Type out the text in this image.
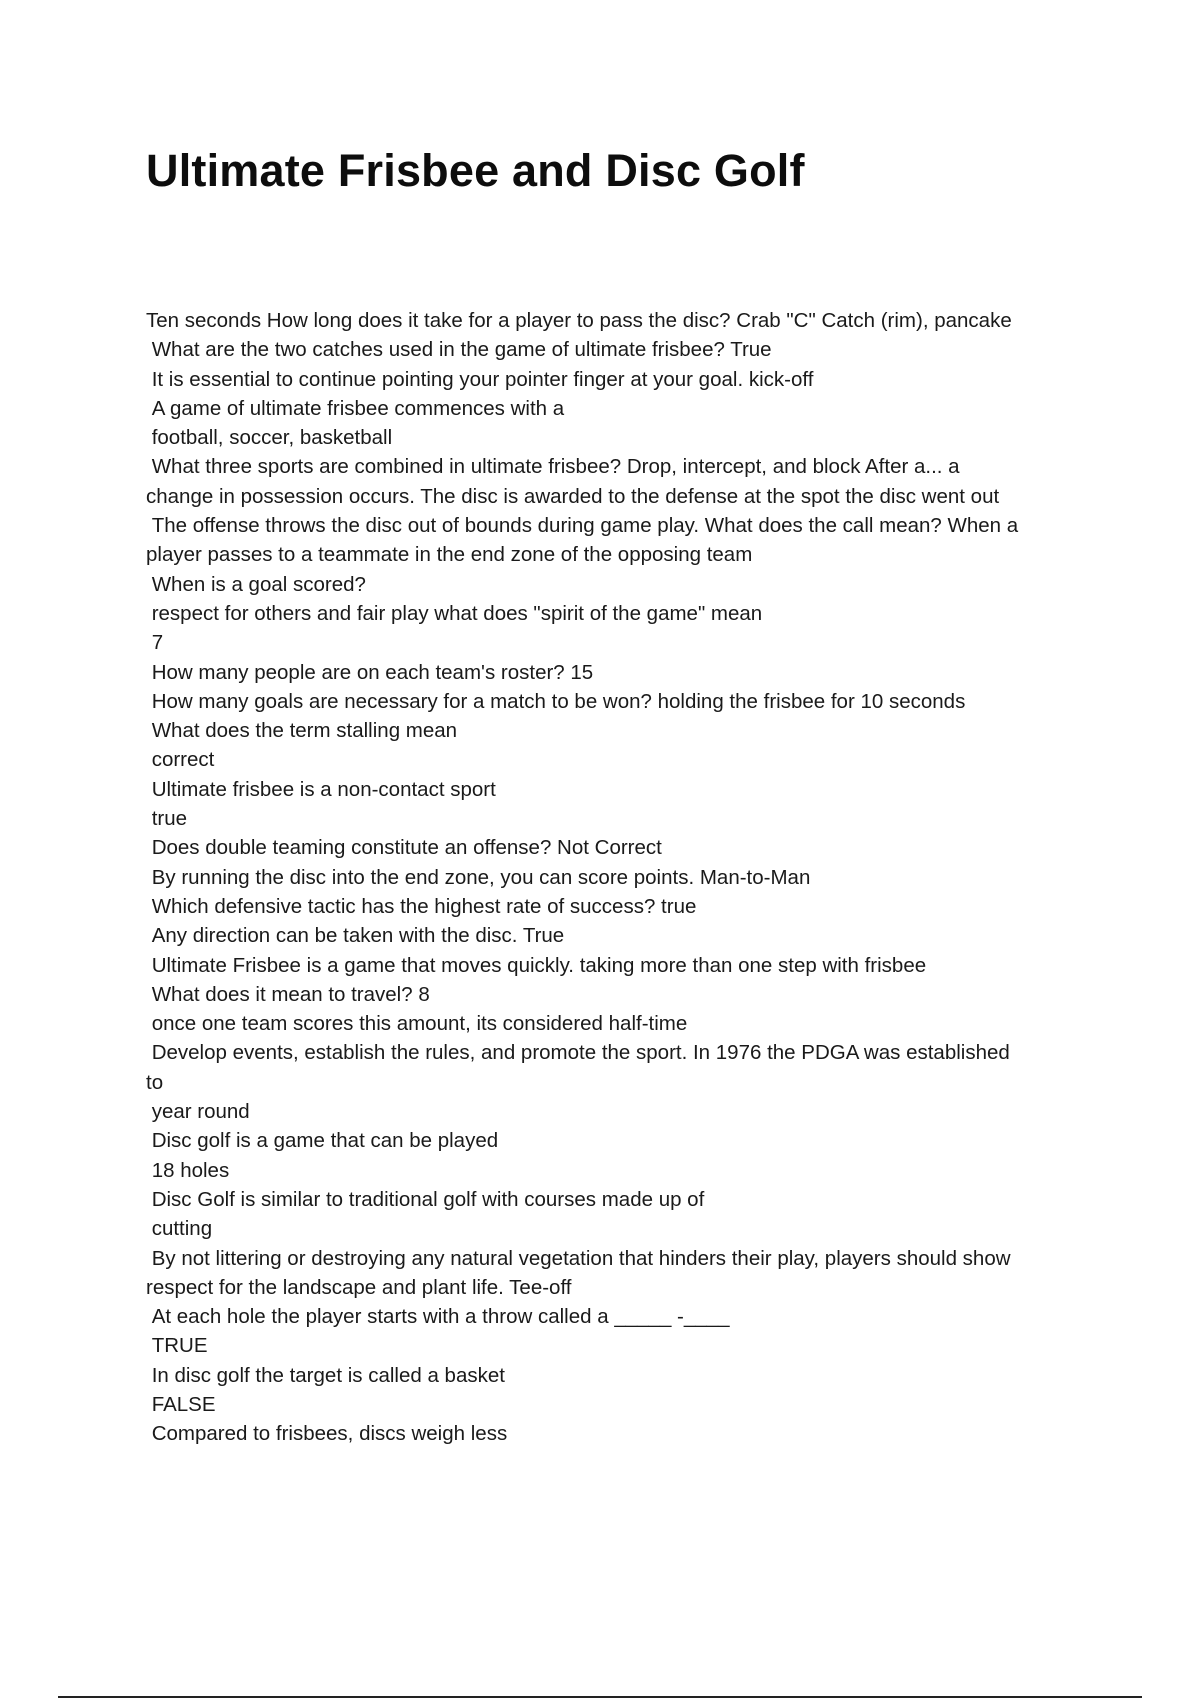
Ultimate Frisbee and Disc Golf
Ten seconds How long does it take for a player to pass the disc? Crab "C" Catch (rim), pancake
What are the two catches used in the game of ultimate frisbee? True
It is essential to continue pointing your pointer finger at your goal. kick-off
A game of ultimate frisbee commences with a
football, soccer, basketball
What three sports are combined in ultimate frisbee? Drop, intercept, and block After a... a
change in possession occurs. The disc is awarded to the defense at the spot the disc went out
The offense throws the disc out of bounds during game play. What does the call mean? When a
player passes to a teammate in the end zone of the opposing team
When is a goal scored?
respect for others and fair play what does "spirit of the game" mean
7
How many people are on each team's roster? 15
How many goals are necessary for a match to be won? holding the frisbee for 10 seconds
What does the term stalling mean
correct
Ultimate frisbee is a non-contact sport
true
Does double teaming constitute an offense? Not Correct
By running the disc into the end zone, you can score points. Man-to-Man
Which defensive tactic has the highest rate of success? true
Any direction can be taken with the disc. True
Ultimate Frisbee is a game that moves quickly. taking more than one step with frisbee
What does it mean to travel? 8
once one team scores this amount, its considered half-time
Develop events, establish the rules, and promote the sport. In 1976 the PDGA was established
to
year round
Disc golf is a game that can be played
18 holes
Disc Golf is similar to traditional golf with courses made up of
cutting
By not littering or destroying any natural vegetation that hinders their play, players should show
respect for the landscape and plant life. Tee-off
At each hole the player starts with a throw called a _____ -____
TRUE
In disc golf the target is called a basket
FALSE
Compared to frisbees, discs weigh less
